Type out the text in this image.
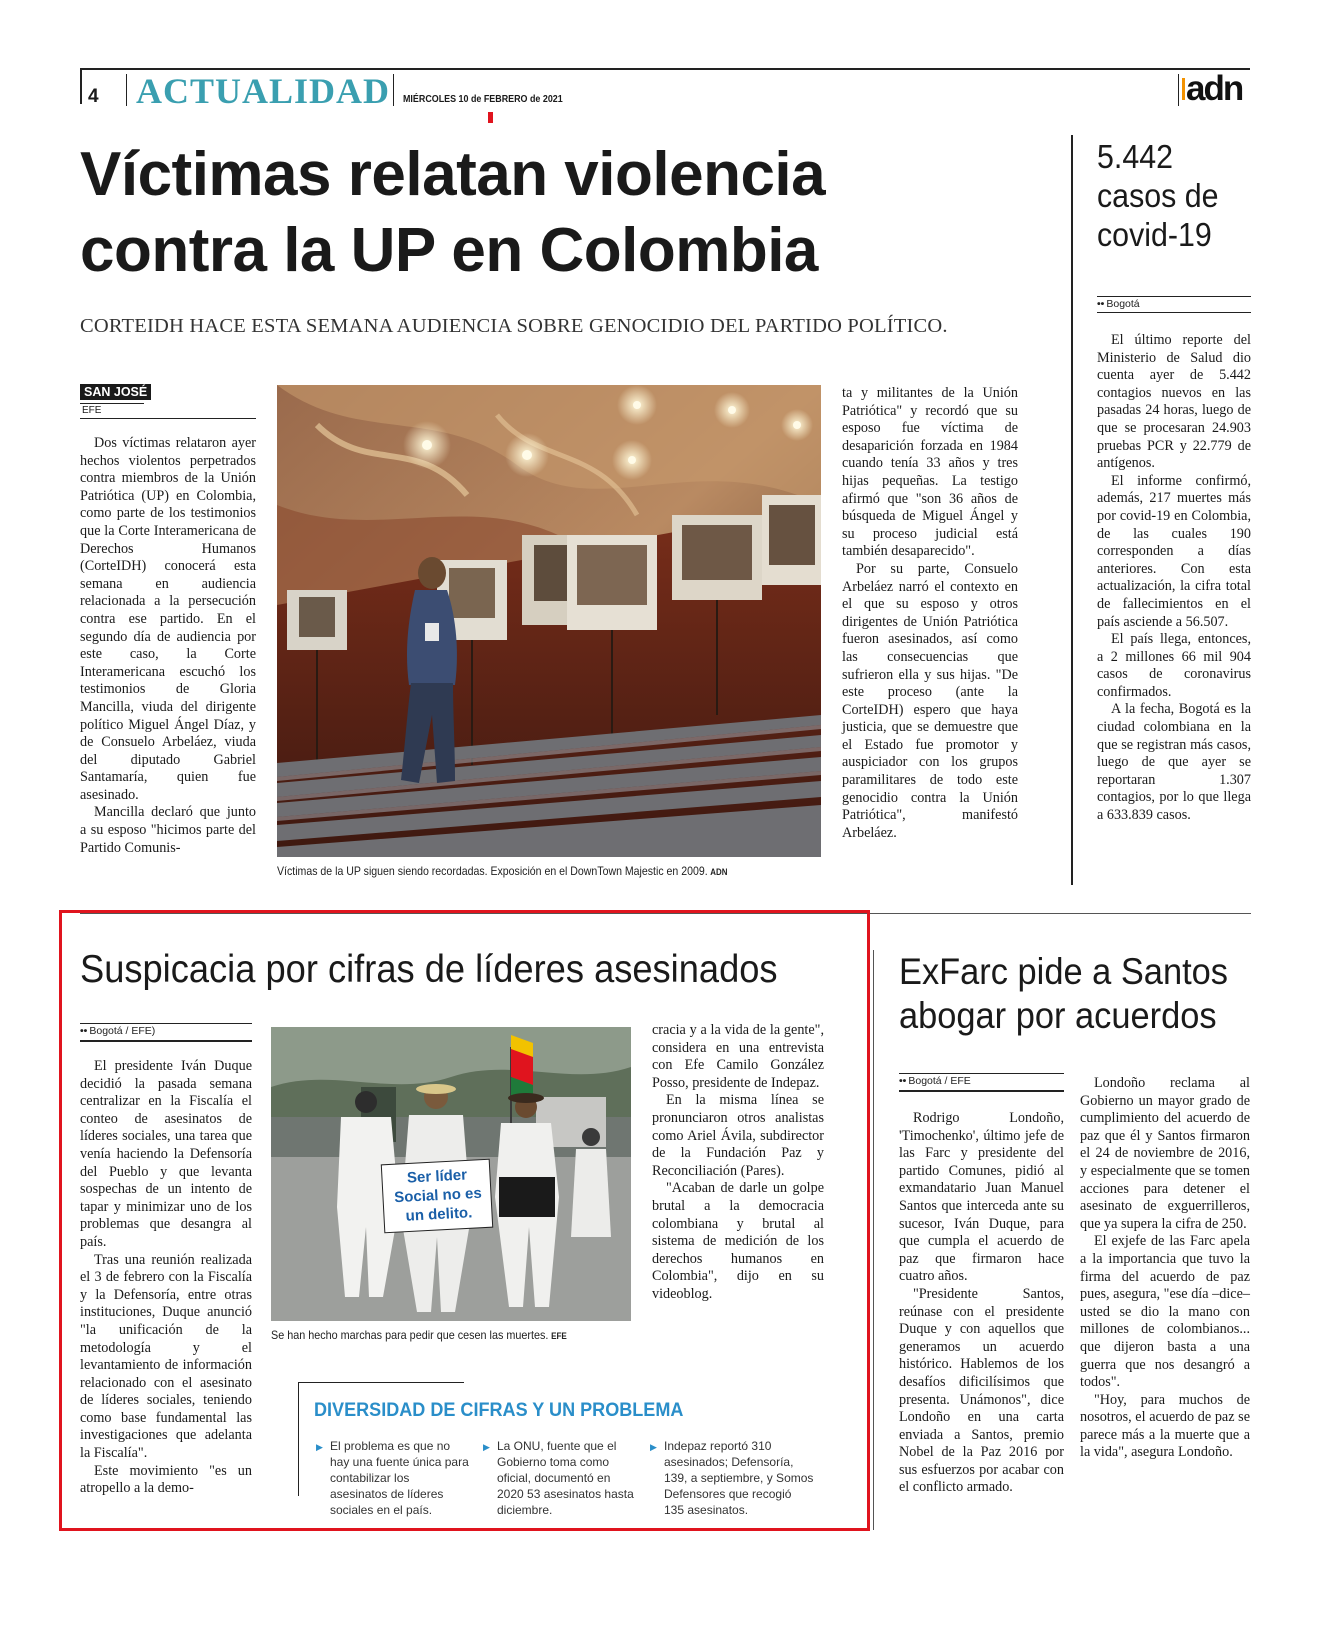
4 ACTUALIDAD MIÉRCOLES 10 de FEBRERO de 2021	adn
Víctimas relatan violencia
contra la UP en Colombia
CORTEIDH HACE ESTA SEMANA AUDIENCIA SOBRE GENOCIDIO DEL PARTIDO POLÍTICO.
SAN JOSÉ
EFE

Dos víctimas relataron ayer hechos violentos perpetrados contra miembros de la Unión Patriótica (UP) en Colombia, como parte de los testimonios que la Corte Interamericana de Derechos Humanos (CorteIDH) conocerá esta semana en audiencia relacionada a la persecución contra ese partido. En el segundo día de audiencia por este caso, la Corte Interamericana escuchó los testimonios de Gloria Mancilla, viuda del dirigente político Miguel Ángel Díaz, y de Consuelo Arbeláez, viuda del diputado Gabriel Santamaría, quien fue asesinado.

Mancilla declaró que junto a su esposo "hicimos parte del Partido Comunis-

Víctimas de la UP siguen siendo recordadas. Exposición en el DownTown Majestic en 2009. ADN

ta y militantes de la Unión Patriótica" y recordó que su esposo fue víctima de desaparición forzada en 1984 cuando tenía 33 años y tres hijas pequeñas. La testigo afirmó que "son 36 años de búsqueda de Miguel Ángel y su proceso judicial está también desaparecido".

Por su parte, Consuelo Arbeláez narró el contexto en el que su esposo y otros dirigentes de Unión Patriótica fueron asesinados, así como las consecuencias que sufrieron ella y sus hijas. "De este proceso (ante la CorteIDH) espero que haya justicia, que se demuestre que el Estado fue promotor y auspiciador con los grupos paramilitares de todo este genocidio contra la Unión Patriótica", manifestó Arbeláez.

5.442
casos de
covid-19
•• Bogotá

El último reporte del Ministerio de Salud dio cuenta ayer de 5.442 contagios nuevos en las pasadas 24 horas, luego de que se procesaran 24.903 pruebas PCR y 22.779 de antígenos.

El informe confirmó, además, 217 muertes más por covid-19 en Colombia, de las cuales 190 corresponden a días anteriores. Con esta actualización, la cifra total de fallecimientos en el país asciende a 56.507.

El país llega, entonces, a 2 millones 66 mil 904 casos de coronavirus confirmados.

A la fecha, Bogotá es la ciudad colombiana en la que se registran más casos, luego de que ayer se reportaran 1.307 contagios, por lo que llega a 633.839 casos.

Suspicacia por cifras de líderes asesinados
•• Bogotá / EFE)

El presidente Iván Duque decidió la pasada semana centralizar en la Fiscalía el conteo de asesinatos de líderes sociales, una tarea que venía haciendo la Defensoría del Pueblo y que levanta sospechas de un intento de tapar y minimizar uno de los problemas que desangra al país.

Tras una reunión realizada el 3 de febrero con la Fiscalía y la Defensoría, entre otras instituciones, Duque anunció "la unificación de la metodología y el levantamiento de información relacionado con el asesinato de líderes sociales, teniendo como base fundamental las investigaciones que adelanta la Fiscalía".

Este movimiento "es un atropello a la demo-

Ser líder Social no es un delito.
Se han hecho marchas para pedir que cesen las muertes. EFE

cracia y a la vida de la gente", considera en una entrevista con Efe Camilo González Posso, presidente de Indepaz.

En la misma línea se pronunciaron otros analistas como Ariel Ávila, subdirector de la Fundación Paz y Reconciliación (Pares).

"Acaban de darle un golpe brutal a la democracia colombiana y brutal al sistema de medición de los derechos humanos en Colombia", dijo en su videoblog.

DIVERSIDAD DE CIFRAS Y UN PROBLEMA
▶ El problema es que no hay una fuente única para contabilizar los asesinatos de líderes sociales en el país.
▶ La ONU, fuente que el Gobierno toma como oficial, documentó en 2020 53 asesinatos hasta diciembre.
▶ Indepaz reportó 310 asesinados; Defensoría, 139, a septiembre, y Somos Defensores que recogió 135 asesinatos.
ExFarc pide a Santos
abogar por acuerdos
•• Bogotá / EFE

Rodrigo Londoño, 'Timochenko', último jefe de las Farc y presidente del partido Comunes, pidió al exmandatario Juan Manuel Santos que interceda ante su sucesor, Iván Duque, para que cumpla el acuerdo de paz que firmaron hace cuatro años.

"Presidente Santos, reúnase con el presidente Duque y con aquellos que generamos un acuerdo histórico. Hablemos de los desafíos dificilísimos que presenta. Unámonos", dice Londoño en una carta enviada a Santos, premio Nobel de la Paz 2016 por sus esfuerzos por acabar con el conflicto armado.

Londoño reclama al Gobierno un mayor grado de cumplimiento del acuerdo de paz que él y Santos firmaron el 24 de noviembre de 2016, y especialmente que se tomen acciones para detener el asesinato de exguerrilleros, que ya supera la cifra de 250.

El exjefe de las Farc apela a la importancia que tuvo la firma del acuerdo de paz pues, asegura, "ese día –dice– usted se dio la mano con millones de colombianos... que dijeron basta a una guerra que nos desangró a todos".

"Hoy, para muchos de nosotros, el acuerdo de paz se parece más a la muerte que a la vida", asegura Londoño.
